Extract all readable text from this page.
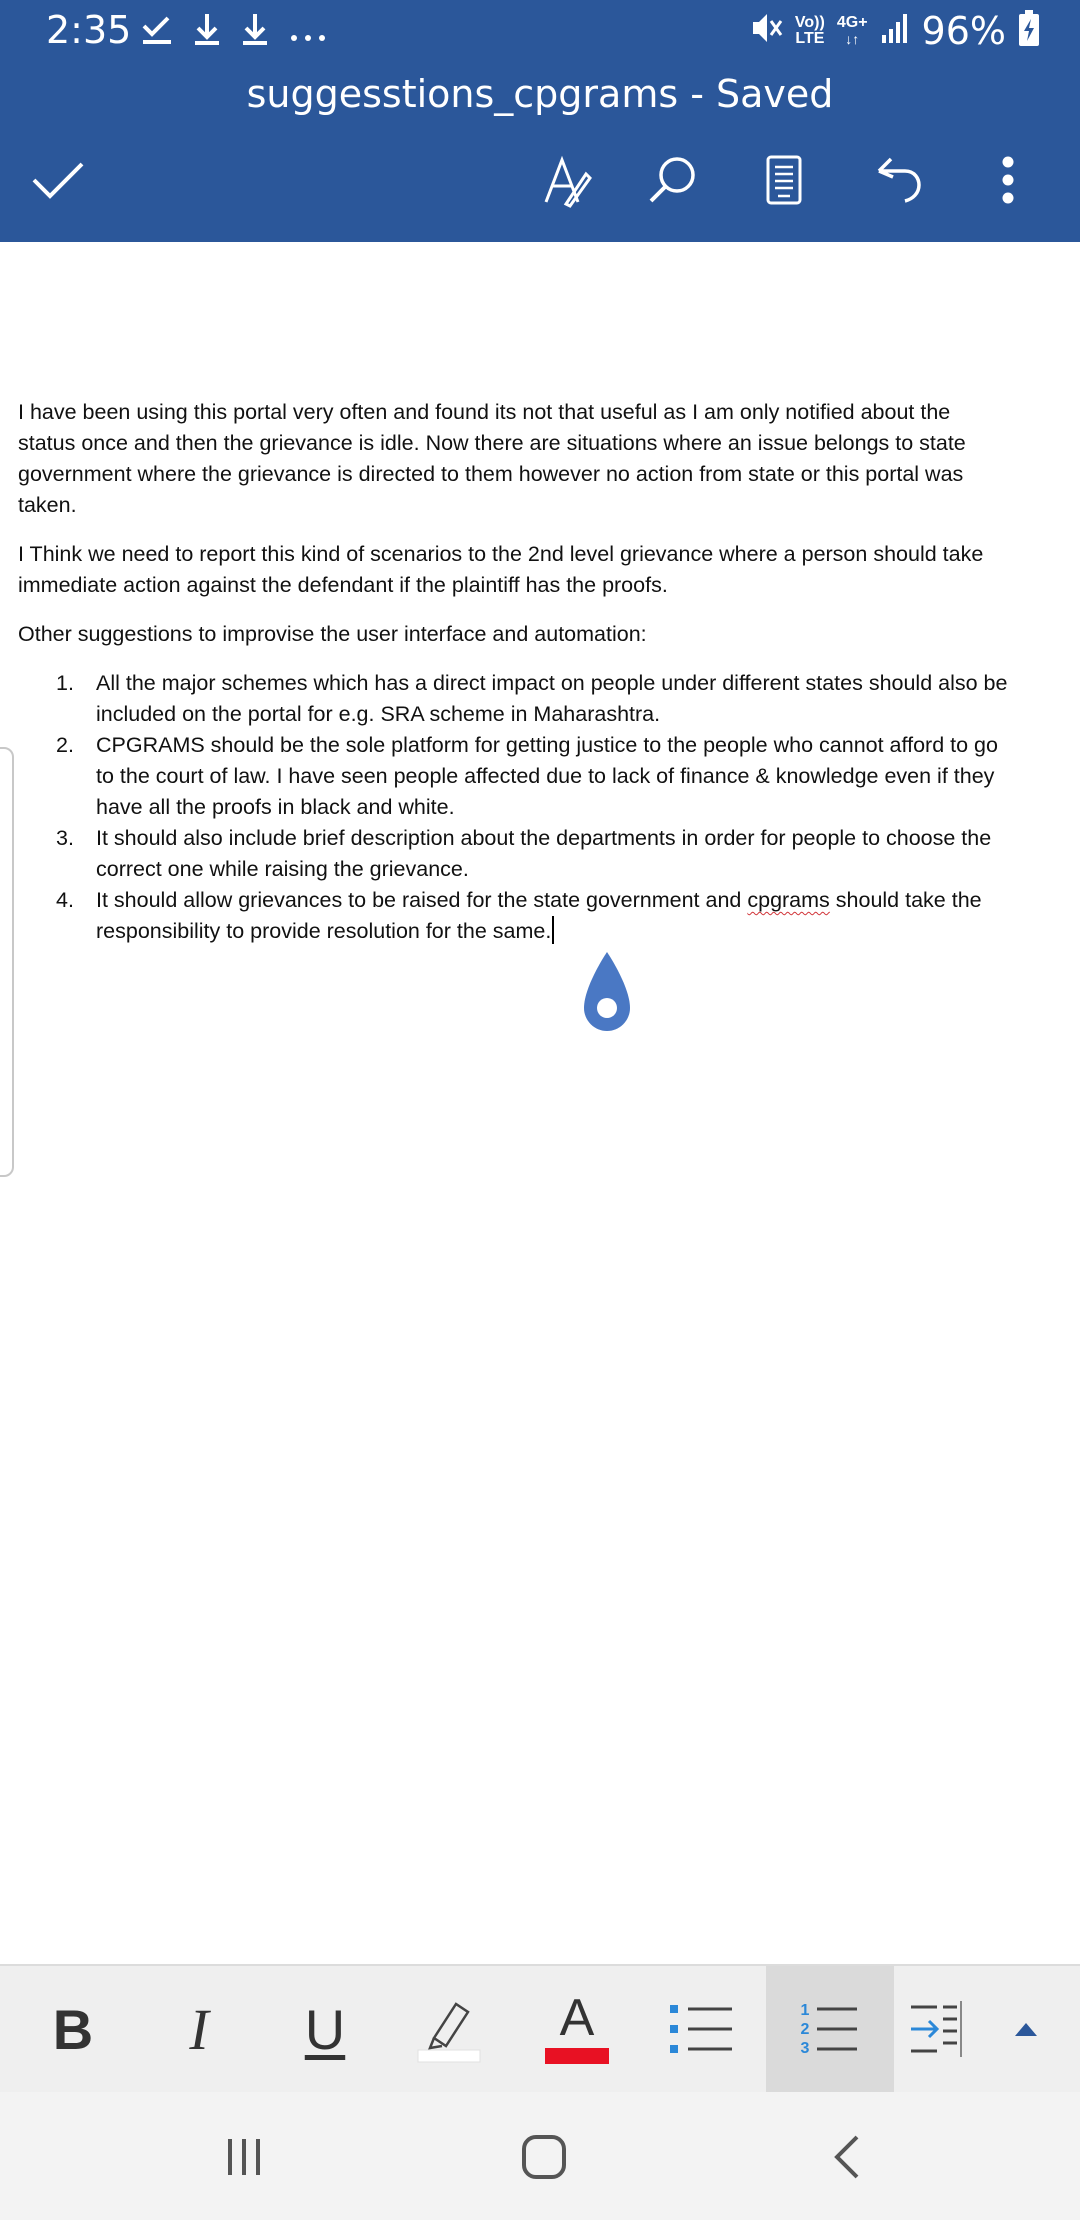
2:35	Vo))
LTE
4G+
↓↑ 96%
suggesstions_cpgrams - Saved

I have been using this portal very often and found its not that useful as I am only notified about the status once and then the grievance is idle. Now there are situations where an issue belongs to state government where the grievance is directed to them however no action from state or this portal was taken.

I Think we need to report this kind of scenarios to the 2nd level grievance where a person should take immediate action against the defendant if the plaintiff has the proofs.

Other suggestions to improvise the user interface and automation:

1. All the major schemes which has a direct impact on people under different states should also be included on the portal for e.g. SRA scheme in Maharashtra.
2. CPGRAMS should be the sole platform for getting justice to the people who cannot afford to go to the court of law. I have seen people affected due to lack of finance & knowledge even if they have all the proofs in black and white.
3. It should also include brief description about the departments in order for people to choose the correct one while raising the grievance.
4. It should allow grievances to be raised for the state government and cpgrams should take the responsibility to provide resolution for the same.
B I U	A	1
2
3
